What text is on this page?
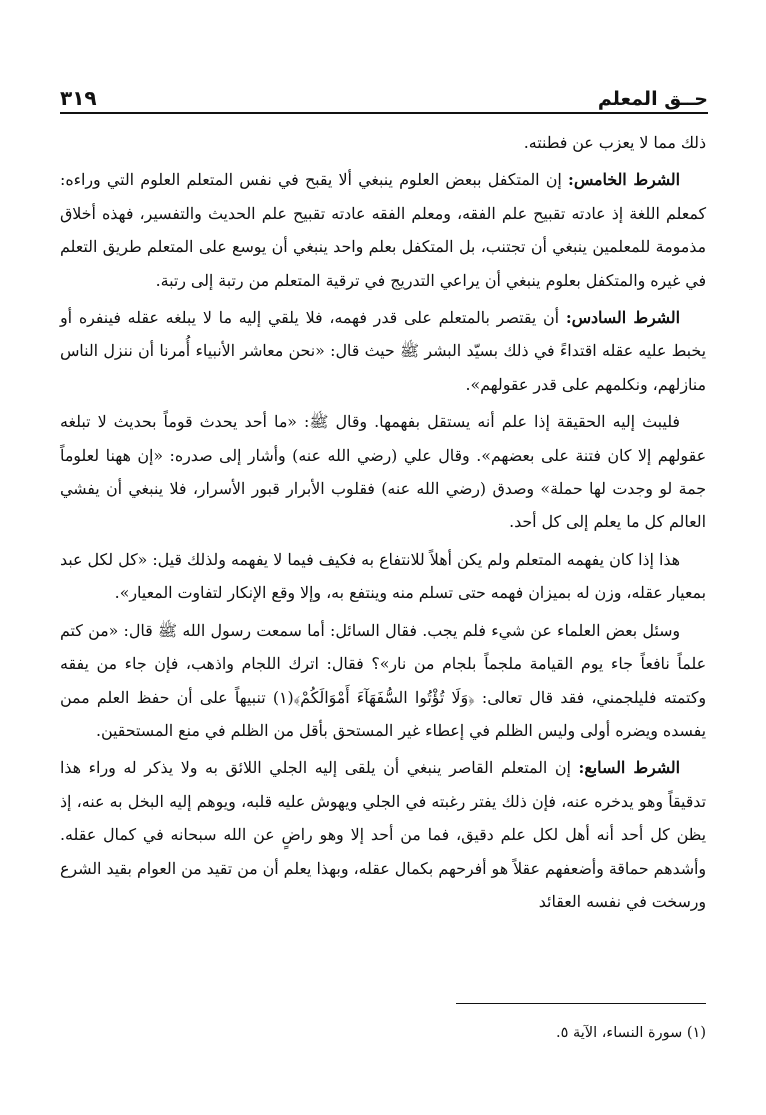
حــق المعلم
٣١٩

ذلك مما لا يعزب عن فطنته.

الشرط الخامس: إن المتكفل ببعض العلوم ينبغي ألا يقبح في نفس المتعلم العلوم التي وراءه: كمعلم اللغة إذ عادته تقبيح علم الفقه، ومعلم الفقه عادته تقبيح علم الحديث والتفسير، فهذه أخلاق مذمومة للمعلمين ينبغي أن تجتنب، بل المتكفل بعلم واحد ينبغي أن يوسع على المتعلم طريق التعلم في غيره والمتكفل بعلوم ينبغي أن يراعي التدريج في ترقية المتعلم من رتبة إلى رتبة.

الشرط السادس: أن يقتصر بالمتعلم على قدر فهمه، فلا يلقي إليه ما لا يبلغه عقله فينفره أو يخبط عليه عقله اقتداءً في ذلك بسيّد البشر ﷺ حيث قال: «نحن معاشر الأنبياء أُمرنا أن ننزل الناس منازلهم، ونكلمهم على قدر عقولهم».

فليبث إليه الحقيقة إذا علم أنه يستقل بفهمها. وقال ﷺ: «ما أحد يحدث قوماً بحديث لا تبلغه عقولهم إلا كان فتنة على بعضهم». وقال علي (رضي الله عنه) وأشار إلى صدره: «إن ههنا لعلوماً جمة لو وجدت لها حملة» وصدق (رضي الله عنه) فقلوب الأبرار قبور الأسرار، فلا ينبغي أن يفشي العالم كل ما يعلم إلى كل أحد.

هذا إذا كان يفهمه المتعلم ولم يكن أهلاً للانتفاع به فكيف فيما لا يفهمه ولذلك قيل: «كل لكل عبد بمعيار عقله، وزن له بميزان فهمه حتى تسلم منه وينتفع به، وإلا وقع الإنكار لتفاوت المعيار».

وسئل بعض العلماء عن شيء فلم يجب. فقال السائل: أما سمعت رسول الله ﷺ قال: «من كتم علماً نافعاً جاء يوم القيامة ملجماً بلجام من نار»؟ فقال: اترك اللجام واذهب، فإن جاء من يفقه وكتمته فليلجمني، فقد قال تعالى: ﴿وَلَا تُؤْتُوا السُّفَهَآءَ أَمْوَالَكُمْ﴾(١) تنبيهاً على أن حفظ العلم ممن يفسده ويضره أولى وليس الظلم في إعطاء غير المستحق بأقل من الظلم في منع المستحقين.

الشرط السابع: إن المتعلم القاصر ينبغي أن يلقى إليه الجلي اللائق به ولا يذكر له وراء هذا تدقيقاً وهو يدخره عنه، فإن ذلك يفتر رغبته في الجلي ويهوش عليه قلبه، ويوهم إليه البخل به عنه، إذ يظن كل أحد أنه أهل لكل علم دقيق، فما من أحد إلا وهو راضٍ عن الله سبحانه في كمال عقله. وأشدهم حماقة وأضعفهم عقلاً هو أفرحهم بكمال عقله، وبهذا يعلم أن من تقيد من العوام بقيد الشرع ورسخت في نفسه العقائد

(١) سورة النساء، الآية ٥.
